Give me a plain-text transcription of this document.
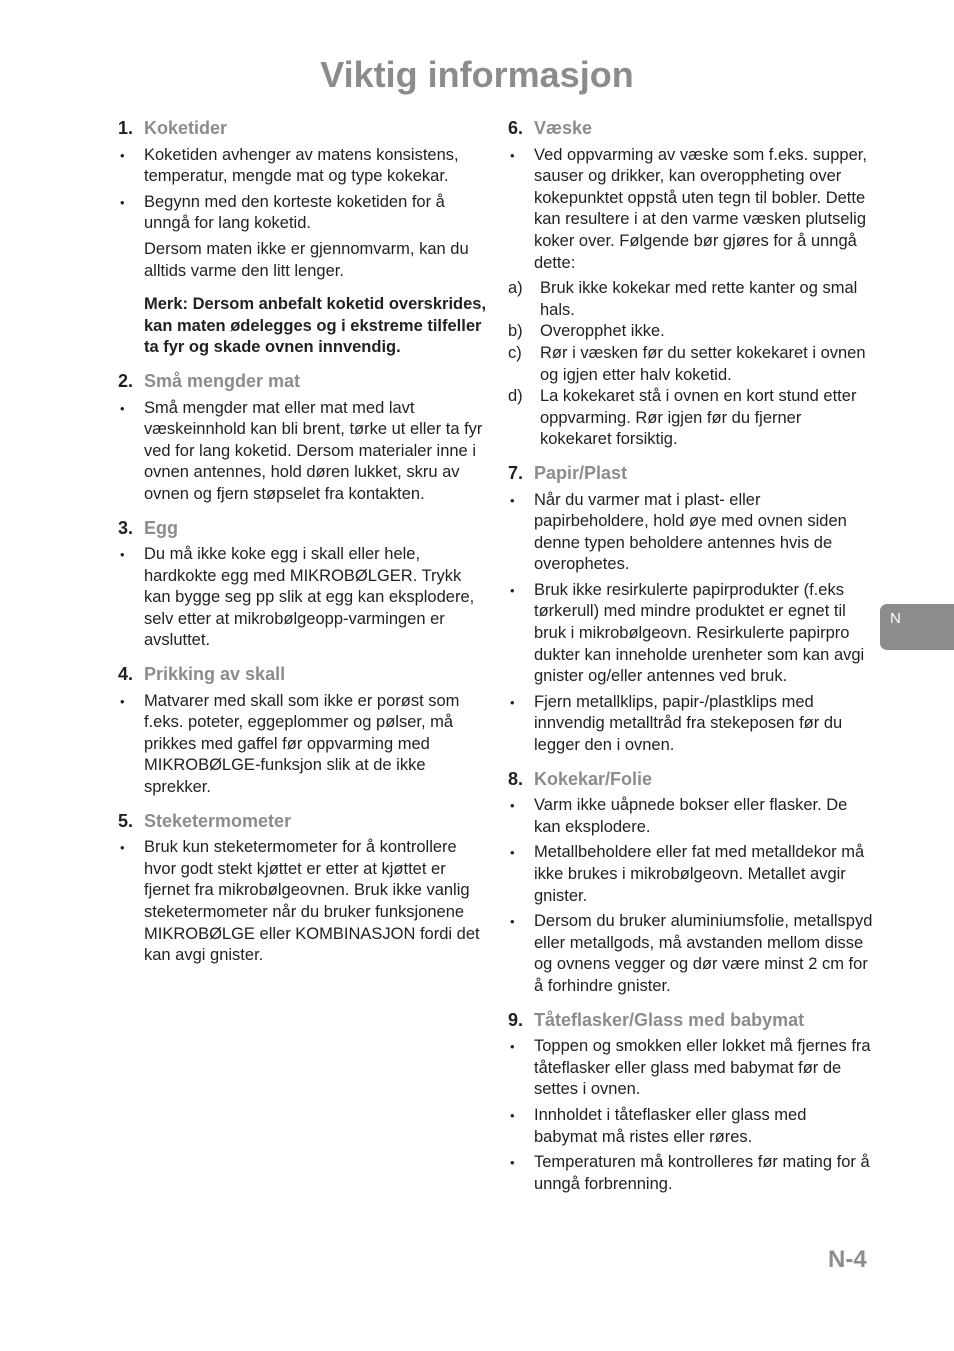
Viktig informasjon
1. Koketider
• Koketiden avhenger av matens konsistens, temperatur, mengde mat og type kokekar.
• Begynn med den korteste koketiden for å unngå for lang koketid.
Dersom maten ikke er gjennomvarm, kan du alltids varme den litt lenger.
Merk: Dersom anbefalt koketid overskrides, kan maten ødelegges og i ekstreme tilfeller ta fyr og skade ovnen innvendig.
2. Små mengder mat
• Små mengder mat eller mat med lavt væskeinnhold kan bli brent, tørke ut eller ta fyr ved for lang koketid. Dersom materialer inne i ovnen antennes, hold døren lukket, skru av ovnen og fjern støpselet fra kontakten.
3. Egg
• Du må ikke koke egg i skall eller hele, hardkokte egg med MIKROBØLGER. Trykk kan bygge seg pp slik at egg kan eksplodere, selv etter at mikrobølgeopp-varmingen er avsluttet.
4. Prikking av skall
• Matvarer med skall som ikke er porøst som f.eks. poteter, eggeplommer og pølser, må prikkes med gaffel før oppvarming med MIKROBØLGE-funksjon slik at de ikke sprekker.
5. Steketermometer
• Bruk kun steketermometer for å kontrollere hvor godt stekt kjøttet er etter at kjøttet er fjernet fra mikrobølgeovnen. Bruk ikke vanlig steketermometer når du bruker funksjonene MIKROBØLGE eller KOMBINASJON fordi det kan avgi gnister.
6. Væske
• Ved oppvarming av væske som f.eks. supper, sauser og drikker, kan overoppheting over kokepunktet oppstå uten tegn til bobler. Dette kan resultere i at den varme væsken plutselig koker over. Følgende bør gjøres for å unngå dette:
a)	Bruk ikke kokekar med rette kanter og smal hals.
b)	Overopphet ikke.
c)	Rør i væsken før du setter kokekaret i ovnen og igjen etter halv koketid.
d)	La kokekaret stå i ovnen en kort stund etter oppvarming. Rør igjen før du fjerner kokekaret forsiktig.
7. Papir/Plast
• Når du varmer mat i plast- eller papirbeholdere, hold øye med ovnen siden denne typen beholdere antennes hvis de overophetes.
• Bruk ikke resirkulerte papirprodukter (f.eks tørkerull) med mindre produktet er egnet til bruk i mikrobølgeovn. Resirkulerte papirpro dukter kan inneholde urenheter som kan avgi gnister og/eller antennes ved bruk.
• Fjern metallklips, papir-/plastklips med innvendig metalltråd fra stekeposen før du legger den i ovnen.
8. Kokekar/Folie
• Varm ikke uåpnede bokser eller flasker. De kan eksplodere.
• Metallbeholdere eller fat med metalldekor må ikke brukes i mikrobølgeovn. Metallet avgir gnister.
• Dersom du bruker aluminiumsfolie, metallspyd eller metallgods, må avstanden mellom disse og ovnens vegger og dør være minst 2 cm for å forhindre gnister.
9. Tåteflasker/Glass med babymat
• Toppen og smokken eller lokket må fjernes fra tåteflasker eller glass med babymat før de settes i ovnen.
• Innholdet i tåteflasker eller glass med babymat må ristes eller røres.
• Temperaturen må kontrolleres før mating for å unngå forbrenning.
N
N-4
